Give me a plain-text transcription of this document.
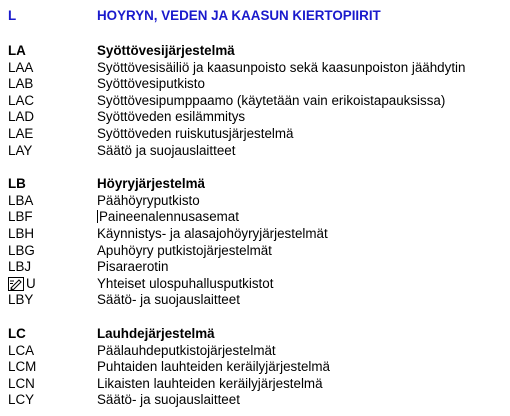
L	HOYRYN, VEDEN JA KAASUN KIERTOPIIRIT
LA	Syöttövesijärjestelmä
LAA	Syöttövesisäiliö ja kaasunpoisto sekä kaasunpoiston jäähdytin
LAB	Syöttövesiputkisto
LAC	Syöttövesipumppaamo (käytetään vain erikoistapauksissa)
LAD	Syöttöveden esilämmitys
LAE	Syöttöveden ruiskutusjärjestelmä
LAY	Säätö ja suojauslaitteet
LB	Höyryjärjestelmä
LBA	Päähöyryputkisto
LBF	Paineenalennusasemat
LBH	Käynnistys- ja alasajohöyryjärjestelmät
LBG	Apuhöyry putkistojärjestelmät
LBJ	Pisaraerotin
U	Yhteiset ulospuhallusputkistot
LBY	Säätö- ja suojauslaitteet
LC	Lauhdejärjestelmä
LCA	Päälauhdeputkistojärjestelmät
LCM	Puhtaiden lauhteiden keräilyjärjestelmä
LCN	Likaisten lauhteiden keräilyjärjestelmä
LCY	Säätö- ja suojauslaitteet
